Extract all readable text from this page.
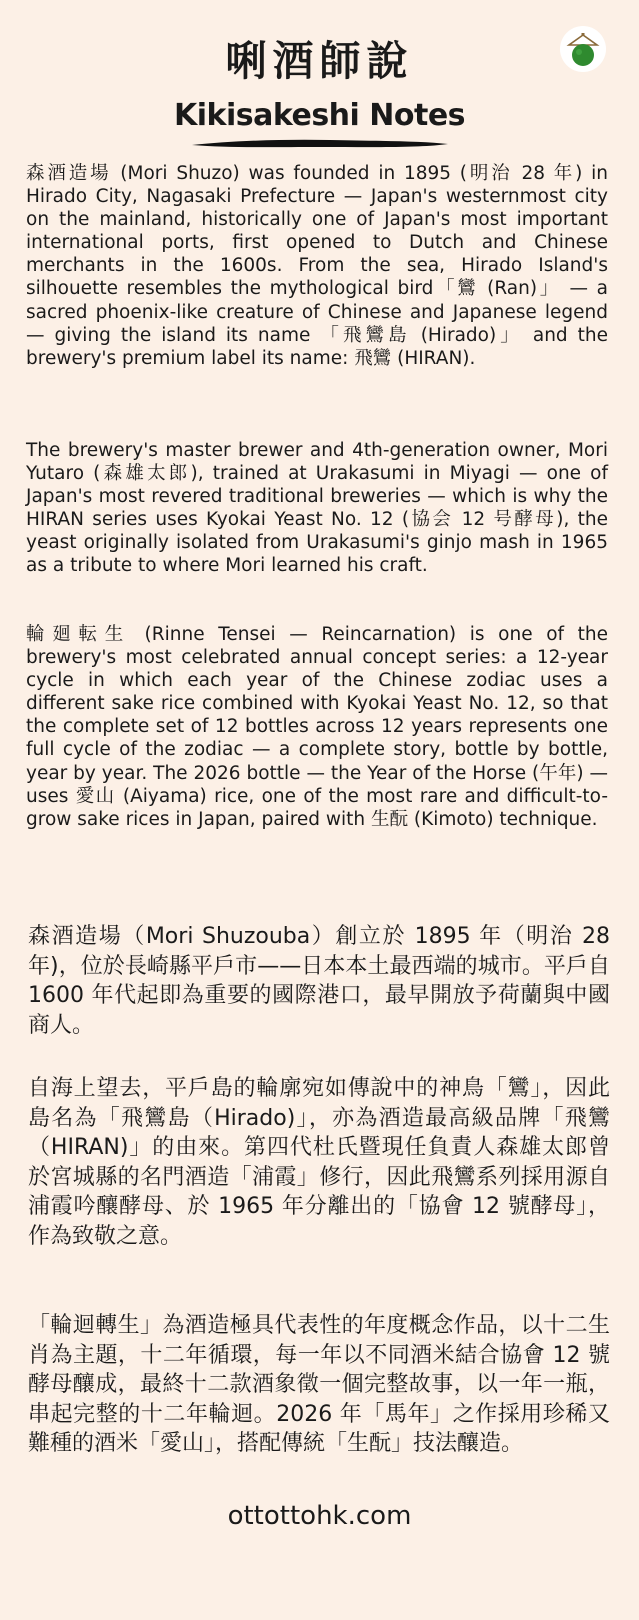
唎酒師說
Kikisakeshi Notes

森酒造場 (Mori Shuzo) was founded in 1895 (明治 28 年) in Hirado City, Nagasaki Prefecture — Japan's westernmost city on the mainland, historically one of Japan's most important international ports, first opened to Dutch and Chinese merchants in the 1600s. From the sea, Hirado Island's silhouette resembles the mythological bird「鸞 (Ran)」 — a sacred phoenix-like creature of Chinese and Japanese legend — giving the island its name 「飛鸞島 (Hirado)」 and the brewery's premium label its name: 飛鸞 (HIRAN).

The brewery's master brewer and 4th-generation owner, Mori Yutaro (森雄太郎), trained at Urakasumi in Miyagi — one of Japan's most revered traditional breweries — which is why the HIRAN series uses Kyokai Yeast No. 12 (協会 12 号酵母), the yeast originally isolated from Urakasumi's ginjo mash in 1965 as a tribute to where Mori learned his craft.

輪廻転生 (Rinne Tensei — Reincarnation) is one of the brewery's most celebrated annual concept series: a 12-year cycle in which each year of the Chinese zodiac uses a different sake rice combined with Kyokai Yeast No. 12, so that the complete set of 12 bottles across 12 years represents one full cycle of the zodiac — a complete story, bottle by bottle, year by year. The 2026 bottle — the Year of the Horse (午年) — uses 愛山 (Aiyama) rice, one of the most rare and difficult-to-grow sake rices in Japan, paired with 生酛 (Kimoto) technique.

森酒造場（Mori Shuzouba）創立於 1895 年（明治 28 年)，位於長崎縣平戶市——日本本土最西端的城市。平戶自 1600 年代起即為重要的國際港口，最早開放予荷蘭與中國商人。

自海上望去，平戶島的輪廓宛如傳說中的神鳥「鸞」，因此島名為「飛鸞島（Hirado)」，亦為酒造最高級品牌「飛鸞（HIRAN)」的由來。第四代杜氏暨現任負責人森雄太郎曾於宮城縣的名門酒造「浦霞」修行，因此飛鸞系列採用源自浦霞吟釀酵母、於 1965 年分離出的「協會 12 號酵母」，作為致敬之意。

「輪迴轉生」為酒造極具代表性的年度概念作品，以十二生肖為主題，十二年循環，每一年以不同酒米結合協會 12 號酵母釀成，最終十二款酒象徵一個完整故事，以一年一瓶，串起完整的十二年輪迴。2026 年「馬年」之作採用珍稀又難種的酒米「愛山」，搭配傳統「生酛」技法釀造。

ottottohk.com
